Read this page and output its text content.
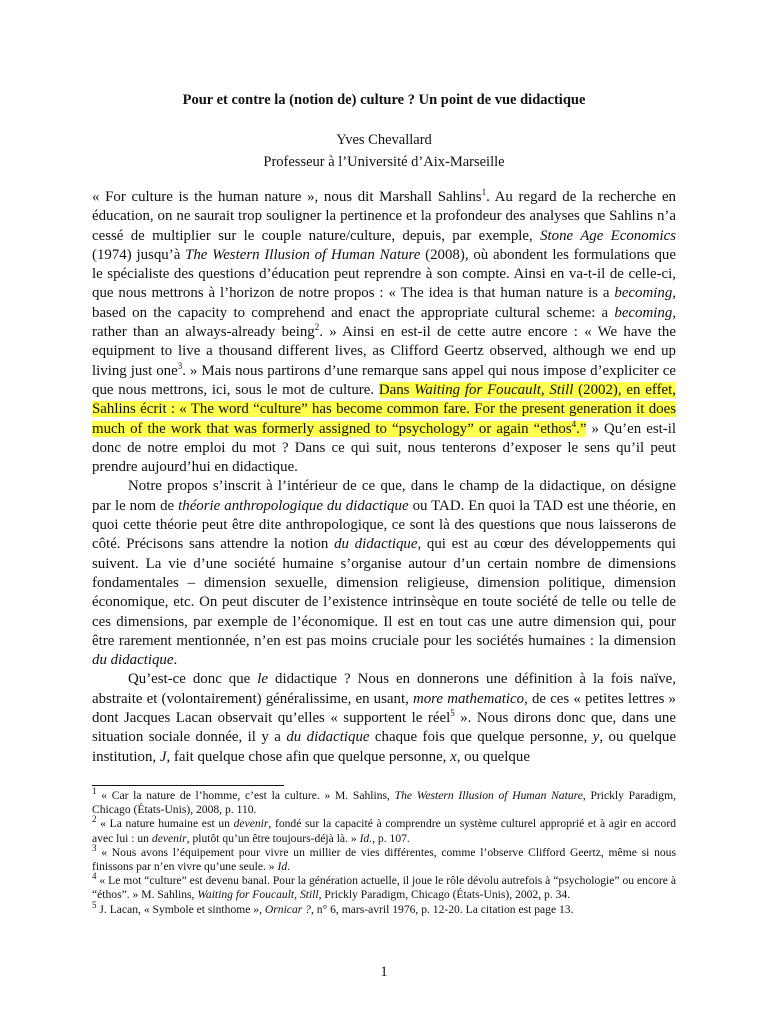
Pour et contre la (notion de) culture ? Un point de vue didactique
Yves Chevallard
Professeur à l’Université d’Aix-Marseille

« For culture is the human nature », nous dit Marshall Sahlins$^1$. Au regard de la recherche en éducation, on ne saurait trop souligner la pertinence et la profondeur des analyses que Sahlins n’a cessé de multiplier sur le couple nature/culture, depuis, par exemple, Stone Age Economics (1974) jusqu’à The Western Illusion of Human Nature (2008), où abondent les formulations que le spécialiste des questions d’éducation peut reprendre à son compte. Ainsi en va-t-il de celle-ci, que nous mettrons à l’horizon de notre propos : « The idea is that human nature is a becoming, based on the capacity to comprehend and enact the appropriate cultural scheme: a becoming, rather than an always-already being$^2$. » Ainsi en est-il de cette autre encore : « We have the equipment to live a thousand different lives, as Clifford Geertz observed, although we end up living just one$^3$. » Mais nous partirons d’une remarque sans appel qui nous impose d’expliciter ce que nous mettrons, ici, sous le mot de culture. Dans Waiting for Foucault, Still (2002), en effet, Sahlins écrit : « The word “culture” has become common fare. For the present generation it does much of the work that was formerly assigned to “psychology” or again “ethos$^4$.” » Qu’en est-il donc de notre emploi du mot ? Dans ce qui suit, nous tenterons d’exposer le sens qu’il peut prendre aujourd’hui en didactique.

Notre propos s’inscrit à l’intérieur de ce que, dans le champ de la didactique, on désigne par le nom de théorie anthropologique du didactique ou TAD. En quoi la TAD est une théorie, en quoi cette théorie peut être dite anthropologique, ce sont là des questions que nous laisserons de côté. Précisons sans attendre la notion du didactique, qui est au cœur des développements qui suivent. La vie d’une société humaine s’organise autour d’un certain nombre de dimensions fondamentales – dimension sexuelle, dimension religieuse, dimension politique, dimension économique, etc. On peut discuter de l’existence intrinsèque en toute société de telle ou telle de ces dimensions, par exemple de l’économique. Il est en tout cas une autre dimension qui, pour être rarement mentionnée, n’en est pas moins cruciale pour les sociétés humaines : la dimension du didactique.

Qu’est-ce donc que le didactique ? Nous en donnerons une définition à la fois naïve, abstraite et (volontairement) généralissime, en usant, more mathematico, de ces « petites lettres » dont Jacques Lacan observait qu’elles « supportent le réel$^5$ ». Nous dirons donc que, dans une situation sociale donnée, il y a du didactique chaque fois que quelque personne, y, ou quelque institution, J, fait quelque chose afin que quelque personne, x, ou quelque

$^1$ « Car la nature de l’homme, c’est la culture. » M. Sahlins, The Western Illusion of Human Nature, Prickly Paradigm, Chicago (États-Unis), 2008, p. 110.

$^2$ « La nature humaine est un devenir, fondé sur la capacité à comprendre un système culturel approprié et à agir en accord avec lui : un devenir, plutôt qu’un être toujours-déjà là. » Id., p. 107.

$^3$ « Nous avons l’équipement pour vivre un millier de vies différentes, comme l’observe Clifford Geertz, même si nous finissons par n’en vivre qu’une seule. » Id.

$^4$ « Le mot “culture” est devenu banal. Pour la génération actuelle, il joue le rôle dévolu autrefois à “psychologie” ou encore à “éthos”. » M. Sahlins, Waiting for Foucault, Still, Prickly Paradigm, Chicago (États-Unis), 2002, p. 34.

$^5$ J. Lacan, « Symbole et sinthome », Ornicar ?, n° 6, mars-avril 1976, p. 12-20. La citation est page 13.

1
